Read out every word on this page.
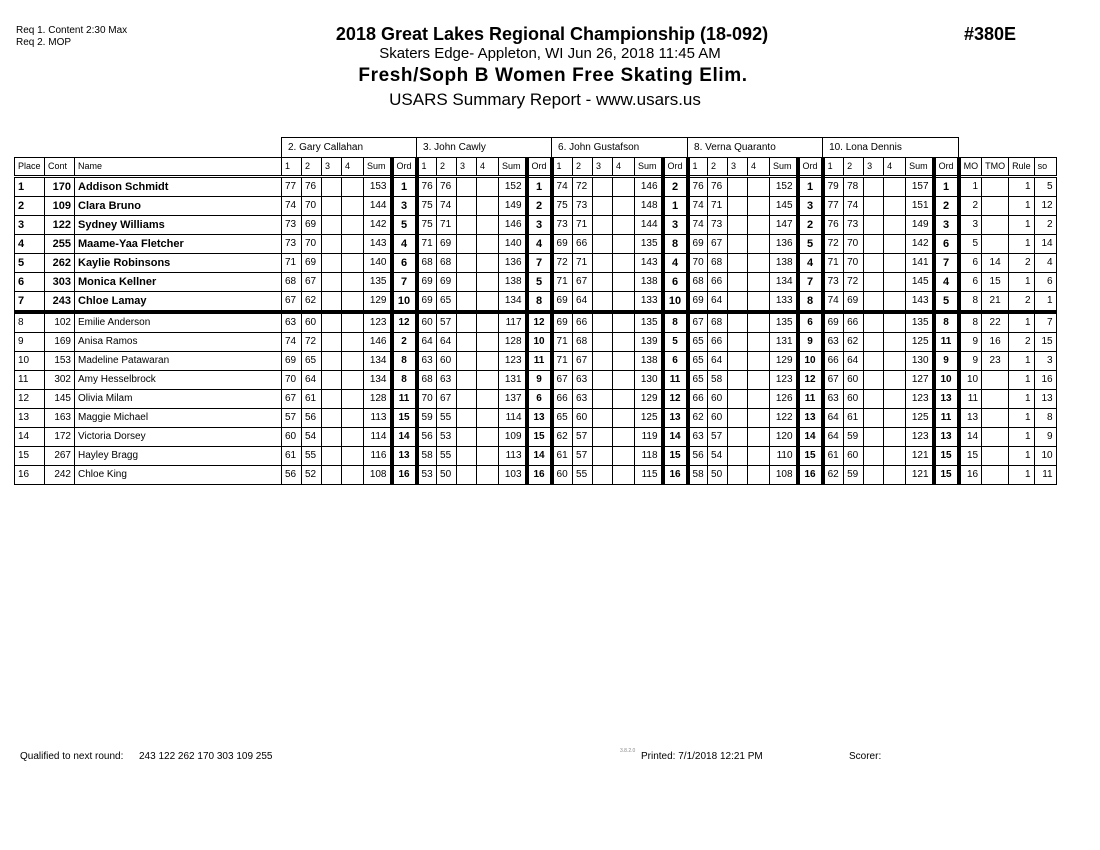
Req 1. Content 2:30 Max
Req 2. MOP	2018 Great Lakes Regional Championship (18-092)
Skaters Edge- Appleton, WI Jun 26, 2018 11:45 AM
Fresh/Soph B Women Free Skating Elim.
USARS Summary Report - www.usars.us
#380E
			2. Gary Callahan						3. John Cawly						6. John Gustafson						8. Verna Quaranto						10. Lona Dennis									
Place	Cont	Name	1	2	3	4	Sum	Ord	1	2	3	4	Sum	Ord	1	2	3	4	Sum	Ord	1	2	3	4	Sum	Ord	1	2	3	4	Sum	Ord	MO	TMO	Rule	so
1	170	Addison Schmidt	77	76			153	1	76	76			152	1	74	72			146	2	76	76			152	1	79	78			157	1	1		1	5
2	109	Clara Bruno	74	70			144	3	75	74			149	2	75	73			148	1	74	71			145	3	77	74			151	2	2		1	12
3	122	Sydney Williams	73	69			142	5	75	71			146	3	73	71			144	3	74	73			147	2	76	73			149	3	3		1	2
4	255	Maame-Yaa Fletcher	73	70			143	4	71	69			140	4	69	66			135	8	69	67			136	5	72	70			142	6	5		1	14
5	262	Kaylie Robinsons	71	69			140	6	68	68			136	7	72	71			143	4	70	68			138	4	71	70			141	7	6	14	2	4
6	303	Monica Kellner	68	67			135	7	69	69			138	5	71	67			138	6	68	66			134	7	73	72			145	4	6	15	1	6
7	243	Chloe Lamay	67	62			129	10	69	65			134	8	69	64			133	10	69	64			133	8	74	69			143	5	8	21	2	1
8	102	Emilie Anderson	63	60			123	12	60	57			117	12	69	66			135	8	67	68			135	6	69	66			135	8	8	22	1	7
9	169	Anisa Ramos	74	72			146	2	64	64			128	10	71	68			139	5	65	66			131	9	63	62			125	11	9	16	2	15
10	153	Madeline Patawaran	69	65			134	8	63	60			123	11	71	67			138	6	65	64			129	10	66	64			130	9	9	23	1	3
11	302	Amy Hesselbrock	70	64			134	8	68	63			131	9	67	63			130	11	65	58			123	12	67	60			127	10	10		1	16
12	145	Olivia Milam	67	61			128	11	70	67			137	6	66	63			129	12	66	60			126	11	63	60			123	13	11		1	13
13	163	Maggie Michael	57	56			113	15	59	55			114	13	65	60			125	13	62	60			122	13	64	61			125	11	13		1	8
14	172	Victoria Dorsey	60	54			114	14	56	53			109	15	62	57			119	14	63	57			120	14	64	59			123	13	14		1	9
15	267	Hayley Bragg	61	55			116	13	58	55			113	14	61	57			118	15	56	54			110	15	61	60			121	15	15		1	10
16	242	Chloe King	56	52			108	16	53	50			103	16	60	55			115	16	58	50			108	16	62	59			121	15	16		1	11
Qualified to next round: 243 122 262 170 303 109 255	3.8.2.0 Printed: 7/1/2018 12:21 PM	Scorer:
